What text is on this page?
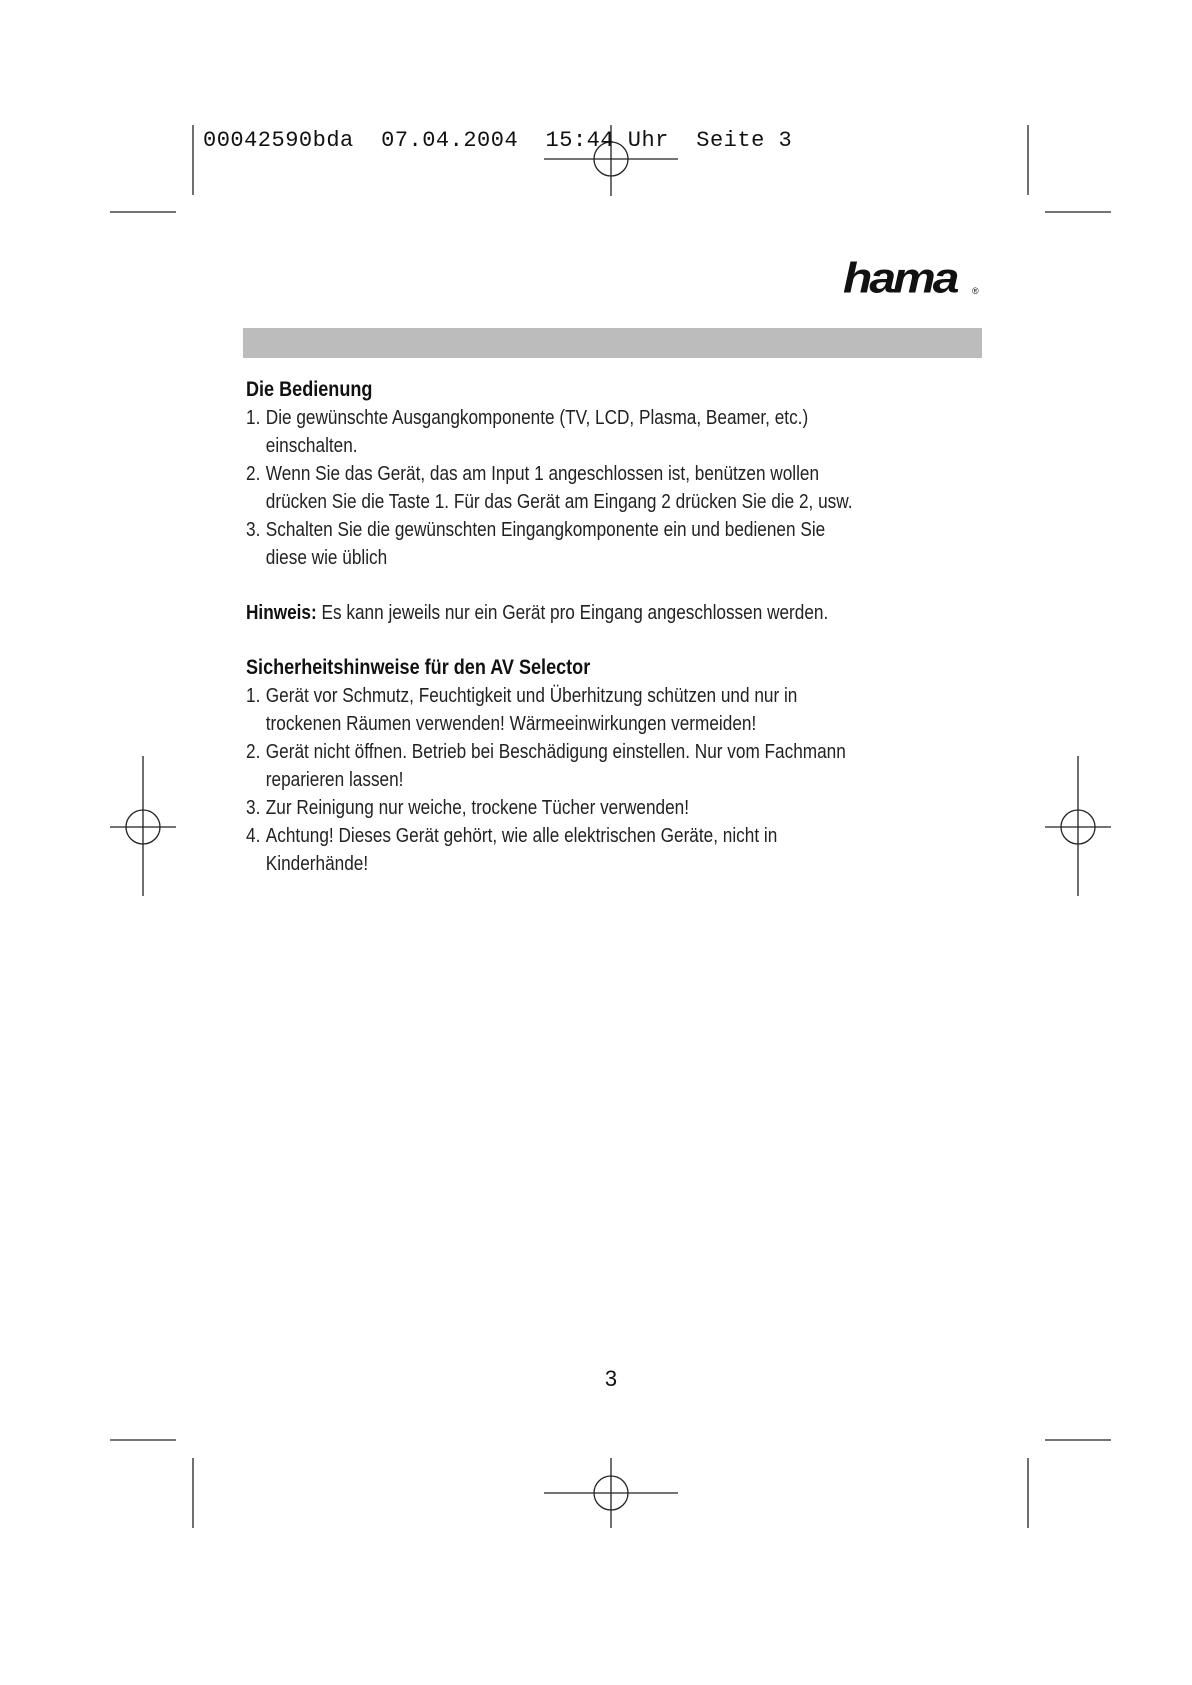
00042590bda  07.04.2004  15:44 Uhr  Seite 3
hama ®
Die Bedienung
1. Die gewünschte Ausgangkomponente (TV, LCD, Plasma, Beamer, etc.) einschalten.
2. Wenn Sie das Gerät, das am Input 1 angeschlossen ist, benützen wollen drücken Sie die Taste 1. Für das Gerät am Eingang 2 drücken Sie die 2, usw.
3. Schalten Sie die gewünschten Eingangkomponente ein und bedienen Sie diese wie üblich
Hinweis: Es kann jeweils nur ein Gerät pro Eingang angeschlossen werden.
Sicherheitshinweise für den AV Selector
1. Gerät vor Schmutz, Feuchtigkeit und Überhitzung schützen und nur in trockenen Räumen verwenden! Wärmeeinwirkungen vermeiden!
2. Gerät nicht öffnen. Betrieb bei Beschädigung einstellen. Nur vom Fachmann reparieren lassen!
3. Zur Reinigung nur weiche, trockene Tücher verwenden!
4. Achtung! Dieses Gerät gehört, wie alle elektrischen Geräte, nicht in Kinderhände!
3
